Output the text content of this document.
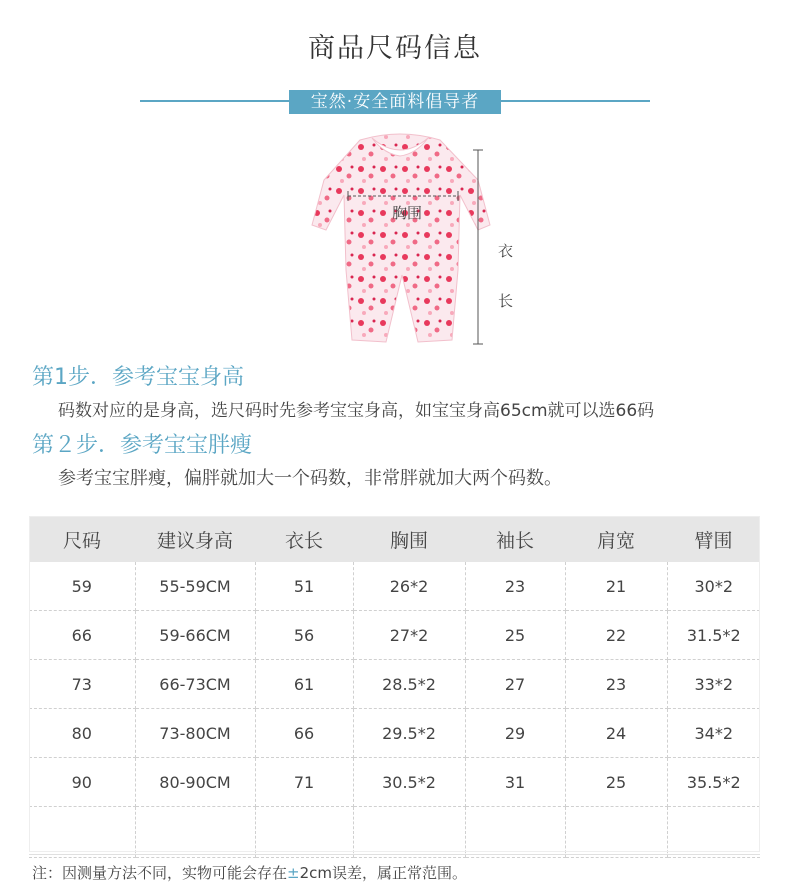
商品尺码信息
宝然·安全面料倡导者
胸围
衣
长
第1步．参考宝宝身高
码数对应的是身高，选尺码时先参考宝宝身高，如宝宝身高65cm就可以选66码
第２步．参考宝宝胖瘦
参考宝宝胖瘦，偏胖就加大一个码数，非常胖就加大两个码数。
尺码	建议身高	衣长	胸围	袖长	肩宽	臂围
59	55-59CM	51	26*2	23	21	30*2
66	59-66CM	56	27*2	25	22	31.5*2
73	66-73CM	61	28.5*2	27	23	33*2
80	73-80CM	66	29.5*2	29	24	34*2
90	80-90CM	71	30.5*2	31	25	35.5*2

注：因测量方法不同，实物可能会存在±2cm误差，属正常范围。
